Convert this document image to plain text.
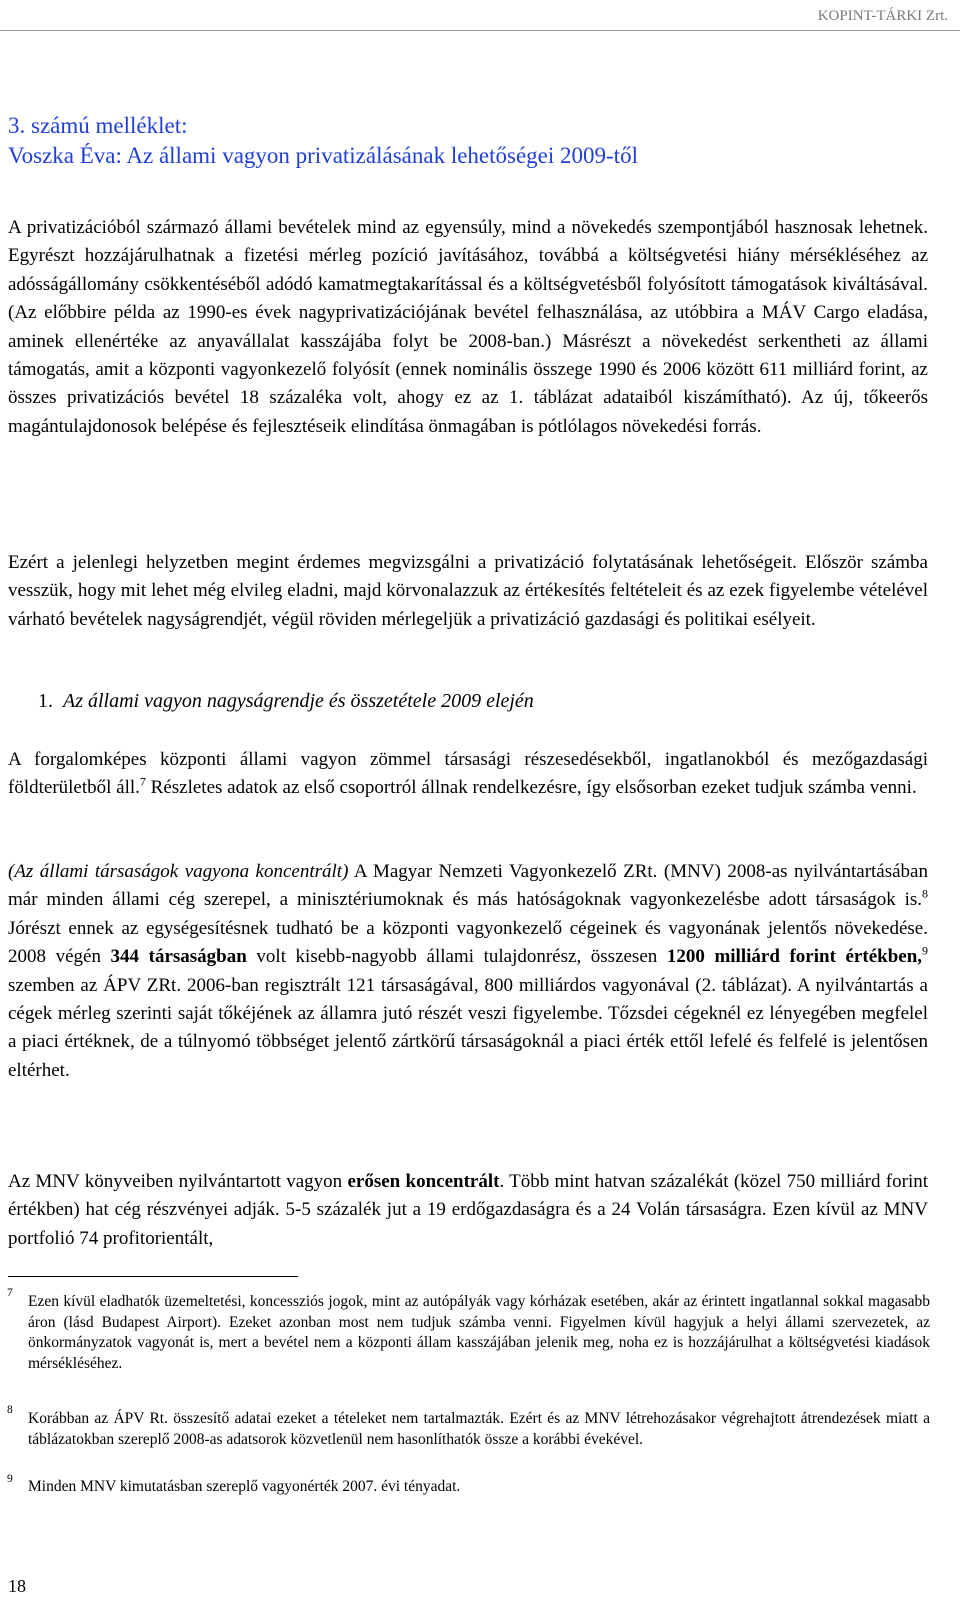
KOPINT-TÁRKI Zrt.
3. számú melléklet:
Voszka Éva: Az állami vagyon privatizálásának lehetőségei 2009-től
A privatizációból származó állami bevételek mind az egyensúly, mind a növekedés szempontjából hasznosak lehetnek. Egyrészt hozzájárulhatnak a fizetési mérleg pozíció javításához, továbbá a költségvetési hiány mérsékléséhez az adósságállomány csökkentéséből adódó kamatmegtakarítással és a költségvetésből folyósított támogatások kiváltásával. (Az előbbire példa az 1990-es évek nagyprivatizációjának bevétel felhasználása, az utóbbira a MÁV Cargo eladása, aminek ellenértéke az anyavállalat kasszájába folyt be 2008-ban.) Másrészt a növekedést serkentheti az állami támogatás, amit a központi vagyonkezelő folyósít (ennek nominális összege 1990 és 2006 között 611 milliárd forint, az összes privatizációs bevétel 18 százaléka volt, ahogy ez az 1. táblázat adataiból kiszámítható). Az új, tőkeerős magántulajdonosok belépése és fejlesztéseik elindítása önmagában is pótlólagos növekedési forrás.
Ezért a jelenlegi helyzetben megint érdemes megvizsgálni a privatizáció folytatásának lehetőségeit. Először számba vesszük, hogy mit lehet még elvileg eladni, majd körvonalazzuk az értékesítés feltételeit és az ezek figyelembe vételével várható bevételek nagyságrendjét, végül röviden mérlegeljük a privatizáció gazdasági és politikai esélyeit.
1. Az állami vagyon nagyságrendje és összetétele 2009 elején
A forgalomképes központi állami vagyon zömmel társasági részesedésekből, ingatlanokból és mezőgazdasági földterületből áll.$^7$ Részletes adatok az első csoportról állnak rendelkezésre, így elsősorban ezeket tudjuk számba venni.
(Az állami társaságok vagyona koncentrált) A Magyar Nemzeti Vagyonkezelő ZRt. (MNV) 2008-as nyilvántartásában már minden állami cég szerepel, a minisztériumoknak és más hatóságoknak vagyonkezelésbe adott társaságok is.$^8$ Jórészt ennek az egységesítésnek tudható be a központi vagyonkezelő cégeinek és vagyonának jelentős növekedése. 2008 végén 344 társaságban volt kisebb-nagyobb állami tulajdonrész, összesen 1200 milliárd forint értékben,$^9$ szemben az ÁPV ZRt. 2006-ban regisztrált 121 társaságával, 800 milliárdos vagyonával (2. táblázat). A nyilvántartás a cégek mérleg szerinti saját tőkéjének az államra jutó részét veszi figyelembe. Tőzsdei cégeknél ez lényegében megfelel a piaci értéknek, de a túlnyomó többséget jelentő zártkörű társaságoknál a piaci érték ettől lefelé és felfelé is jelentősen eltérhet.
Az MNV könyveiben nyilvántartott vagyon erősen koncentrált. Több mint hatvan százalékát (közel 750 milliárd forint értékben) hat cég részvényei adják. 5-5 százalék jut a 19 erdőgazdaságra és a 24 Volán társaságra. Ezen kívül az MNV portfolió 74 profitorientált,
7 Ezen kívül eladhatók üzemeltetési, koncessziós jogok, mint az autópályák vagy kórházak esetében, akár az érintett ingatlannal sokkal magasabb áron (lásd Budapest Airport). Ezeket azonban most nem tudjuk számba venni. Figyelmen kívül hagyjuk a helyi állami szervezetek, az önkormányzatok vagyonát is, mert a bevétel nem a központi állam kasszájában jelenik meg, noha ez is hozzájárulhat a költségvetési kiadások mérsékléséhez.
8 Korábban az ÁPV Rt. összesítő adatai ezeket a tételeket nem tartalmazták. Ezért és az MNV létrehozásakor végrehajtott átrendezések miatt a táblázatokban szereplő 2008-as adatsorok közvetlenül nem hasonlíthatók össze a korábbi évekével.
9 Minden MNV kimutatásban szereplő vagyonérték 2007. évi tényadat.
18
